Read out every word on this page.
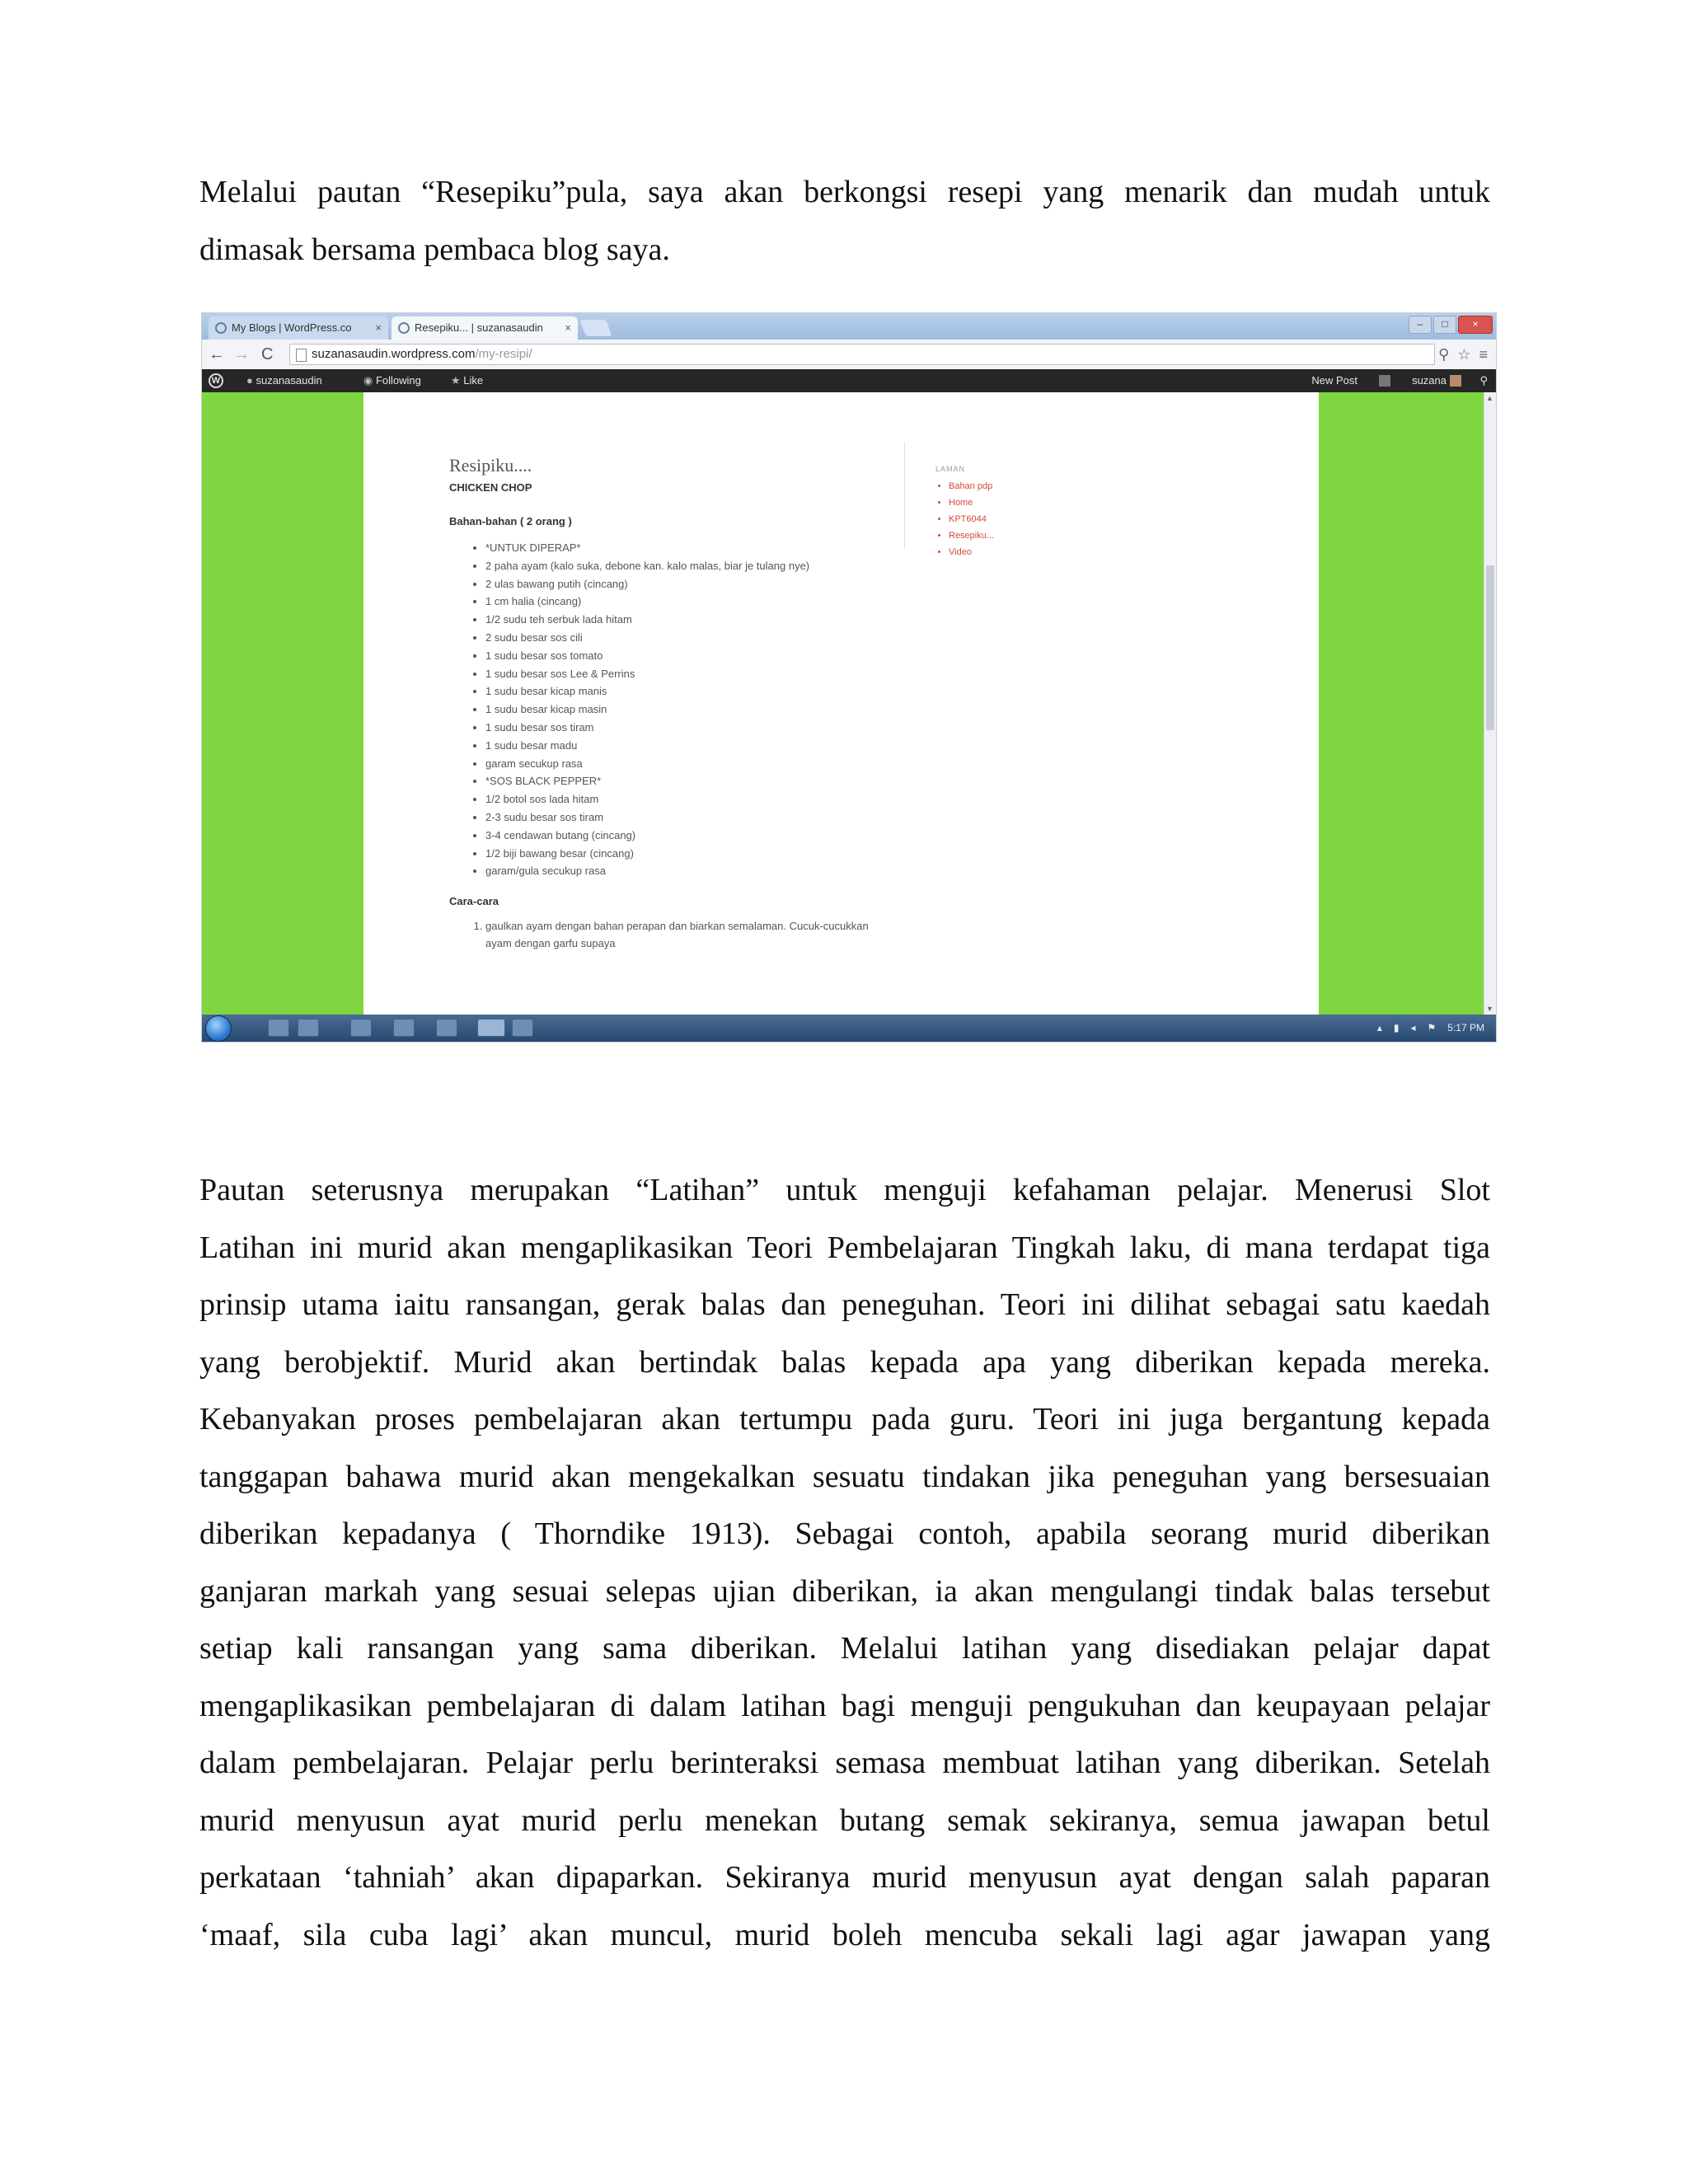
Melalui pautan “Resepiku”pula, saya akan berkongsi resepi yang menarik dan mudah untuk
dimasak bersama pembaca blog saya.
My Blogs | WordPress.co ×	Resepiku... | suzanasaudin ×	–	□	×
← → C	suzanasaudin.wordpress.com/my-resipi/	⚲ ☆ ≡
W ● suzanasaudin	◉ Following	★ Like	New Post	suzana	⚲

Resipiku....

CHICKEN CHOP

Bahan-bahan ( 2 orang )

• *UNTUK DIPERAP*
• 2 paha ayam (kalo suka, debone kan. kalo malas, biar je tulang nye)
• 2 ulas bawang putih (cincang)
• 1 cm halia (cincang)
• 1/2 sudu teh serbuk lada hitam
• 2 sudu besar sos cili
• 1 sudu besar sos tomato
• 1 sudu besar sos Lee & Perrins
• 1 sudu besar kicap manis
• 1 sudu besar kicap masin
• 1 sudu besar sos tiram
• 1 sudu besar madu
• garam secukup rasa
• *SOS BLACK PEPPER*
• 1/2 botol sos lada hitam
• 2-3 sudu besar sos tiram
• 3-4 cendawan butang (cincang)
• 1/2 biji bawang besar (cincang)
• garam/gula secukup rasa

Cara-cara

1. gaulkan ayam dengan bahan perapan dan biarkan semalaman. Cucuk-cucukkan ayam dengan garfu supaya

LAMAN

• Bahan pdp
• Home
• KPT6044
• Resepiku...
• Video
▲
▼
▴ ▮ ◂ ⚑ 5:17 PM
Pautan seterusnya merupakan “Latihan” untuk menguji kefahaman pelajar. Menerusi Slot
Latihan ini murid akan mengaplikasikan Teori Pembelajaran Tingkah laku, di mana terdapat tiga
prinsip utama iaitu ransangan, gerak balas dan peneguhan. Teori ini dilihat sebagai satu kaedah
yang berobjektif. Murid akan bertindak balas kepada apa yang diberikan kepada mereka.
Kebanyakan proses pembelajaran akan tertumpu pada guru. Teori ini juga bergantung kepada
tanggapan bahawa murid akan mengekalkan sesuatu tindakan jika peneguhan yang bersesuaian
diberikan kepadanya ( Thorndike 1913). Sebagai contoh, apabila seorang murid diberikan
ganjaran markah yang sesuai selepas ujian diberikan, ia akan mengulangi tindak balas tersebut
setiap kali ransangan yang sama diberikan. Melalui latihan yang disediakan pelajar dapat
mengaplikasikan pembelajaran di dalam latihan bagi menguji pengukuhan dan keupayaan pelajar
dalam pembelajaran. Pelajar perlu berinteraksi semasa membuat latihan yang diberikan. Setelah
murid menyusun ayat murid perlu menekan butang semak sekiranya, semua jawapan betul
perkataan ‘tahniah’ akan dipaparkan. Sekiranya murid menyusun ayat dengan salah paparan
‘maaf, sila cuba lagi’ akan muncul, murid boleh mencuba sekali lagi agar jawapan yang
